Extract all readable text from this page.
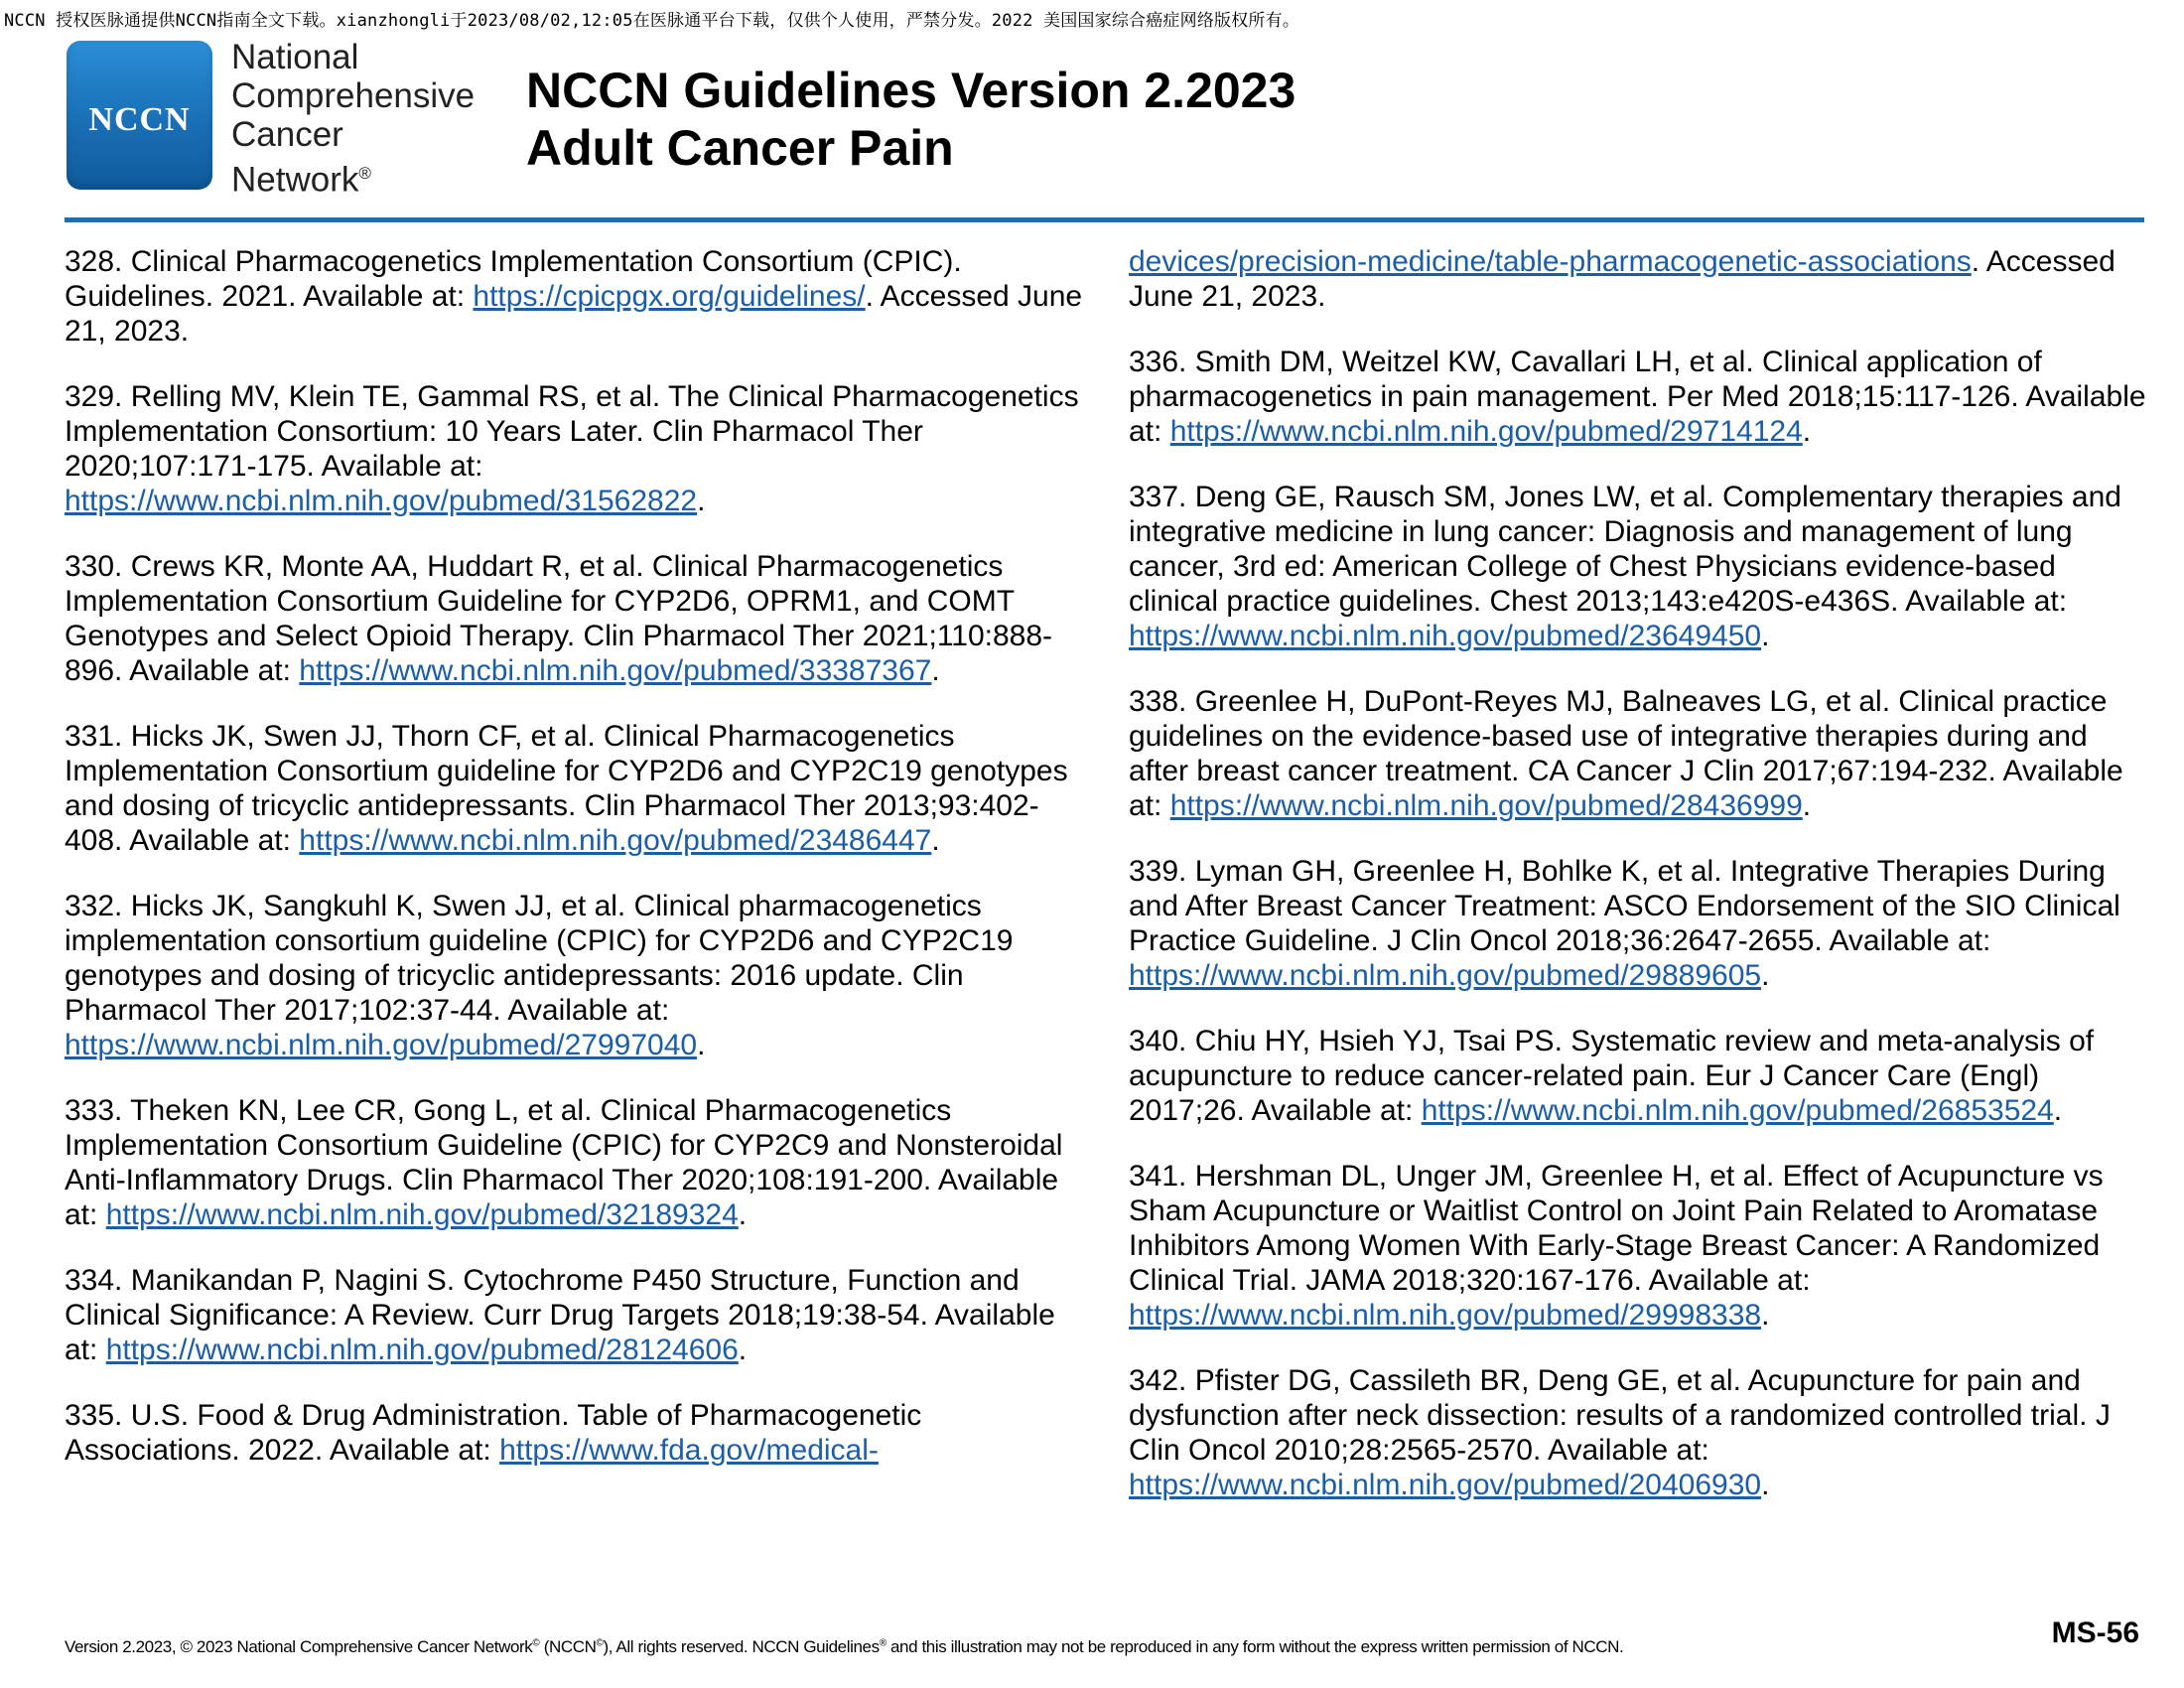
NCCN 授权医脉通提供NCCN指南全文下载。xianzhongli于2023/08/02,12:05在医脉通平台下载，仅供个人使用，严禁分发。2022 美国国家综合癌症网络版权所有。
NCCN
National
Comprehensive
Cancer
Network®
NCCN Guidelines Version 2.2023
Adult Cancer Pain
328. Clinical Pharmacogenetics Implementation Consortium (CPIC). Guidelines. 2021. Available at: https://cpicpgx.org/guidelines/. Accessed June 21, 2023.
329. Relling MV, Klein TE, Gammal RS, et al. The Clinical Pharmacogenetics Implementation Consortium: 10 Years Later. Clin Pharmacol Ther 2020;107:171-175. Available at: https://www.ncbi.nlm.nih.gov/pubmed/31562822.
330. Crews KR, Monte AA, Huddart R, et al. Clinical Pharmacogenetics Implementation Consortium Guideline for CYP2D6, OPRM1, and COMT Genotypes and Select Opioid Therapy. Clin Pharmacol Ther 2021;110:888-896. Available at: https://www.ncbi.nlm.nih.gov/pubmed/33387367.
331. Hicks JK, Swen JJ, Thorn CF, et al. Clinical Pharmacogenetics Implementation Consortium guideline for CYP2D6 and CYP2C19 genotypes and dosing of tricyclic antidepressants. Clin Pharmacol Ther 2013;93:402-408. Available at: https://www.ncbi.nlm.nih.gov/pubmed/23486447.
332. Hicks JK, Sangkuhl K, Swen JJ, et al. Clinical pharmacogenetics implementation consortium guideline (CPIC) for CYP2D6 and CYP2C19 genotypes and dosing of tricyclic antidepressants: 2016 update. Clin Pharmacol Ther 2017;102:37-44. Available at: https://www.ncbi.nlm.nih.gov/pubmed/27997040.
333. Theken KN, Lee CR, Gong L, et al. Clinical Pharmacogenetics Implementation Consortium Guideline (CPIC) for CYP2C9 and Nonsteroidal Anti-Inflammatory Drugs. Clin Pharmacol Ther 2020;108:191-200. Available at: https://www.ncbi.nlm.nih.gov/pubmed/32189324.
334. Manikandan P, Nagini S. Cytochrome P450 Structure, Function and Clinical Significance: A Review. Curr Drug Targets 2018;19:38-54. Available at: https://www.ncbi.nlm.nih.gov/pubmed/28124606.
335. U.S. Food & Drug Administration. Table of Pharmacogenetic Associations. 2022. Available at: https://www.fda.gov/medical-
devices/precision-medicine/table-pharmacogenetic-associations. Accessed June 21, 2023.
336. Smith DM, Weitzel KW, Cavallari LH, et al. Clinical application of pharmacogenetics in pain management. Per Med 2018;15:117-126. Available at: https://www.ncbi.nlm.nih.gov/pubmed/29714124.
337. Deng GE, Rausch SM, Jones LW, et al. Complementary therapies and integrative medicine in lung cancer: Diagnosis and management of lung cancer, 3rd ed: American College of Chest Physicians evidence-based clinical practice guidelines. Chest 2013;143:e420S-e436S. Available at: https://www.ncbi.nlm.nih.gov/pubmed/23649450.
338. Greenlee H, DuPont-Reyes MJ, Balneaves LG, et al. Clinical practice guidelines on the evidence-based use of integrative therapies during and after breast cancer treatment. CA Cancer J Clin 2017;67:194-232. Available at: https://www.ncbi.nlm.nih.gov/pubmed/28436999.
339. Lyman GH, Greenlee H, Bohlke K, et al. Integrative Therapies During and After Breast Cancer Treatment: ASCO Endorsement of the SIO Clinical Practice Guideline. J Clin Oncol 2018;36:2647-2655. Available at: https://www.ncbi.nlm.nih.gov/pubmed/29889605.
340. Chiu HY, Hsieh YJ, Tsai PS. Systematic review and meta-analysis of acupuncture to reduce cancer-related pain. Eur J Cancer Care (Engl) 2017;26. Available at: https://www.ncbi.nlm.nih.gov/pubmed/26853524.
341. Hershman DL, Unger JM, Greenlee H, et al. Effect of Acupuncture vs Sham Acupuncture or Waitlist Control on Joint Pain Related to Aromatase Inhibitors Among Women With Early-Stage Breast Cancer: A Randomized Clinical Trial. JAMA 2018;320:167-176. Available at: https://www.ncbi.nlm.nih.gov/pubmed/29998338.
342. Pfister DG, Cassileth BR, Deng GE, et al. Acupuncture for pain and dysfunction after neck dissection: results of a randomized controlled trial. J Clin Oncol 2010;28:2565-2570. Available at: https://www.ncbi.nlm.nih.gov/pubmed/20406930.
Version 2.2023, © 2023 National Comprehensive Cancer Network© (NCCN©), All rights reserved. NCCN Guidelines® and this illustration may not be reproduced in any form without the express written permission of NCCN.	MS-56
